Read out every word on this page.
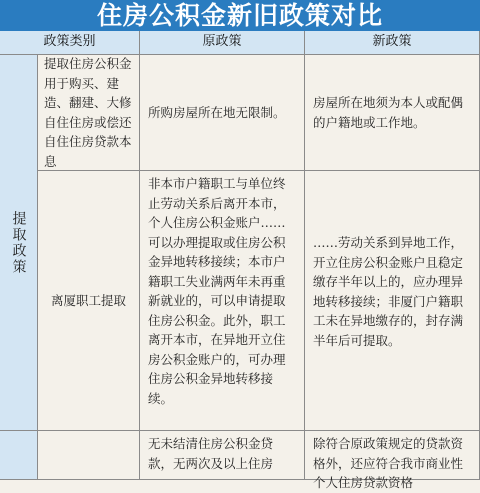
住房公积金新旧政策对比
政策类别	原政策	新政策
提取政策
提取住房公积金用于购买、建造、翻建、大修自住住房或偿还自住住房贷款本息
所购房屋所在地无限制。
房屋所在地须为本人或配偶的户籍地或工作地。
离厦职工提取
非本市户籍职工与单位终止劳动关系后离开本市，个人住房公积金账户……可以办理提取或住房公积金异地转移接续；本市户籍职工失业满两年未再重新就业的，可以申请提取住房公积金。此外，职工离开本市，在异地开立住房公积金账户的，可办理住房公积金异地转移接续。
……劳动关系到异地工作，开立住房公积金账户且稳定缴存半年以上的，应办理异地转移接续；非厦门户籍职工未在异地缴存的，封存满半年后可提取。
无未结清住房公积金贷款，无两次及以上住房
除符合原政策规定的贷款资格外，还应符合我市商业性个人住房贷款资格
